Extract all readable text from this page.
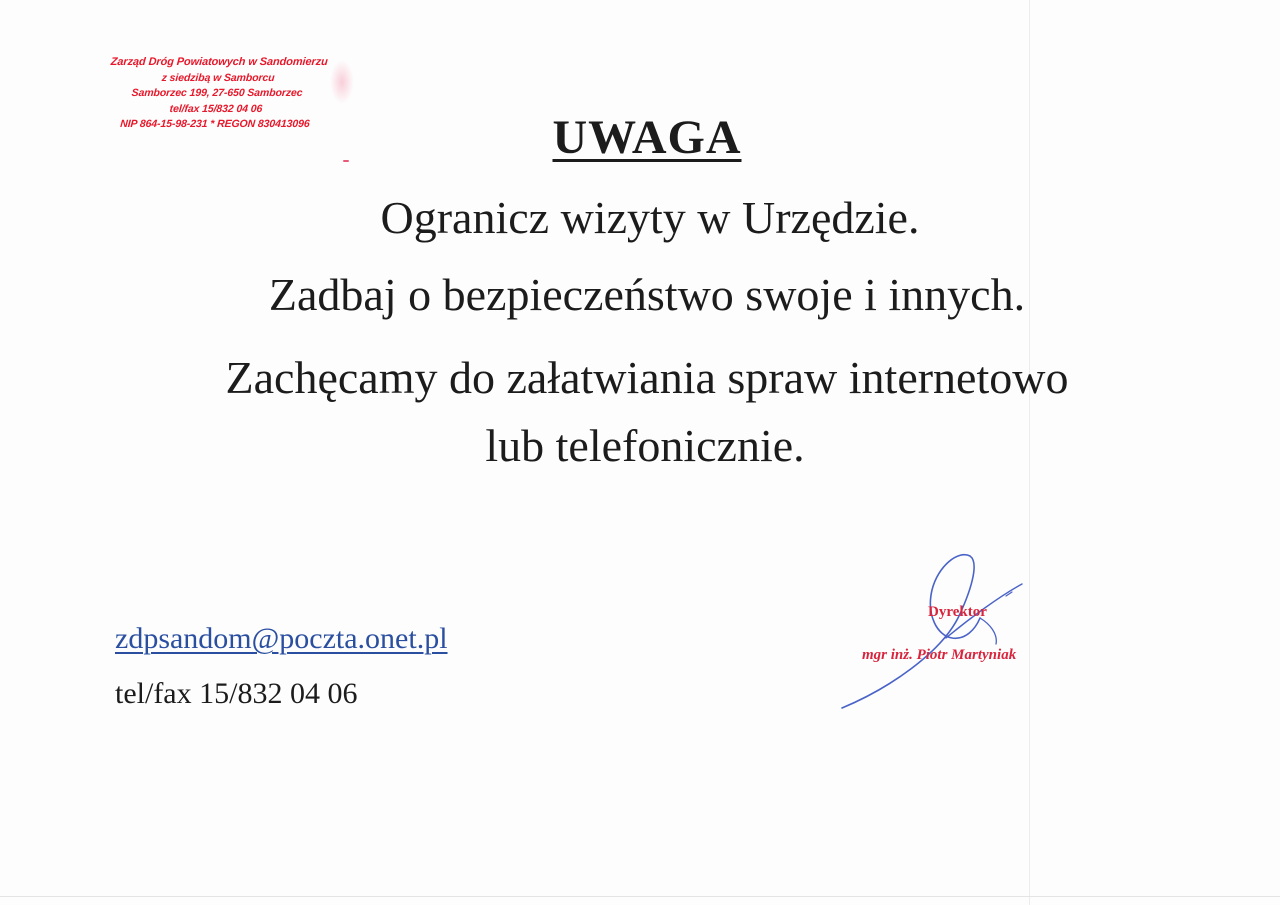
Zarząd Dróg Powiatowych w Sandomierzu
z siedzibą w Samborcu
Samborzec 199, 27-650 Samborzec
tel/fax 15/832 04 06
NIP 864-15-98-231 * REGON 830413096	UWAGA
Ogranicz wizyty w Urzędzie.
Zadbaj o bezpieczeństwo swoje i innych.
Zachęcamy do załatwiania spraw internetowo
lub telefonicznie.
zdpsandom@poczta.onet.pl
tel/fax 15/832 04 06
Dyrektor
mgr inż. Piotr Martyniak
